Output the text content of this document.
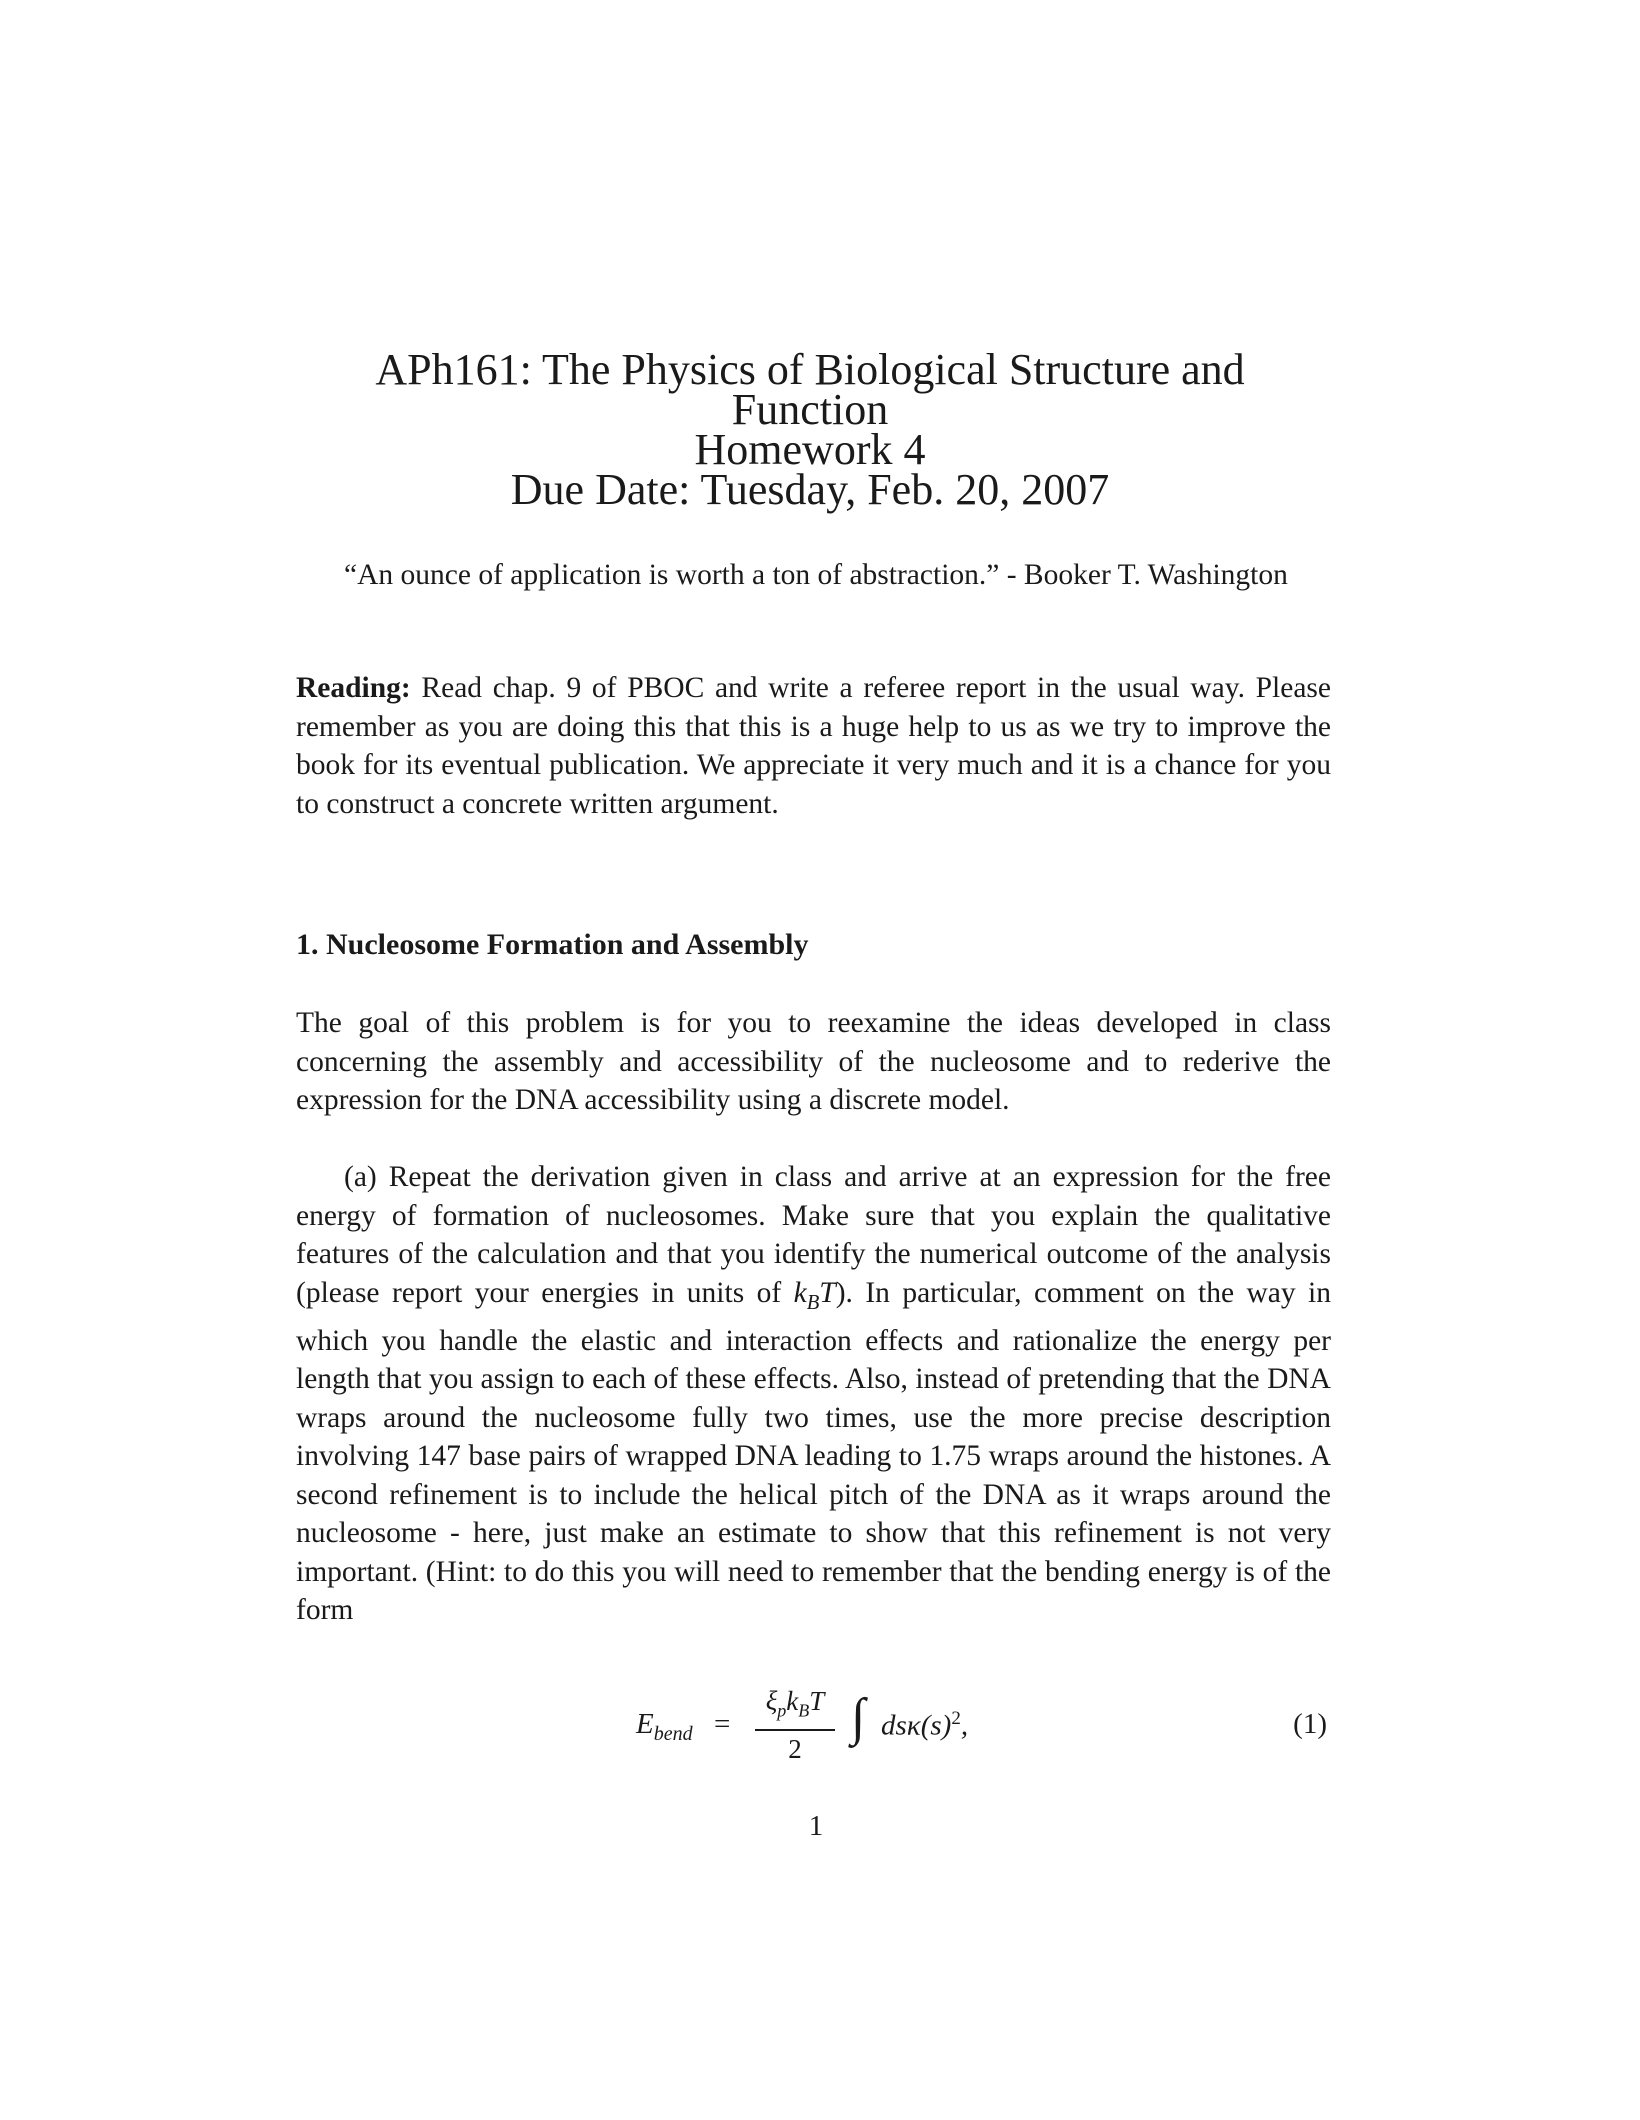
APh161: The Physics of Biological Structure and
Function
Homework 4
Due Date: Tuesday, Feb. 20, 2007

“An ounce of application is worth a ton of abstraction.” - Booker T. Washington

Reading: Read chap. 9 of PBOC and write a referee report in the usual way. Please remember as you are doing this that this is a huge help to us as we try to improve the book for its eventual publication. We appreciate it very much and it is a chance for you to construct a concrete written argument.

1. Nucleosome Formation and Assembly

The goal of this problem is for you to reexamine the ideas developed in class concerning the assembly and accessibility of the nucleosome and to rederive the expression for the DNA accessibility using a discrete model.

(a) Repeat the derivation given in class and arrive at an expression for the free energy of formation of nucleosomes. Make sure that you explain the qualitative features of the calculation and that you identify the numerical outcome of the analysis (please report your energies in units of $k_BT$). In particular, comment on the way in which you handle the elastic and interaction effects and rationalize the energy per length that you assign to each of these effects. Also, instead of pretending that the DNA wraps around the nucleosome fully two times, use the more precise description involving 147 base pairs of wrapped DNA leading to 1.75 wraps around the histones. A second refinement is to include the helical pitch of the DNA as it wraps around the nucleosome - here, just make an estimate to show that this refinement is not very important. (Hint: to do this you will need to remember that the bending energy is of the form

$E_{bend}$ =
$\xi_pk_BT$
2
∫ $ds\kappa(s)^2$,	(1)
1
